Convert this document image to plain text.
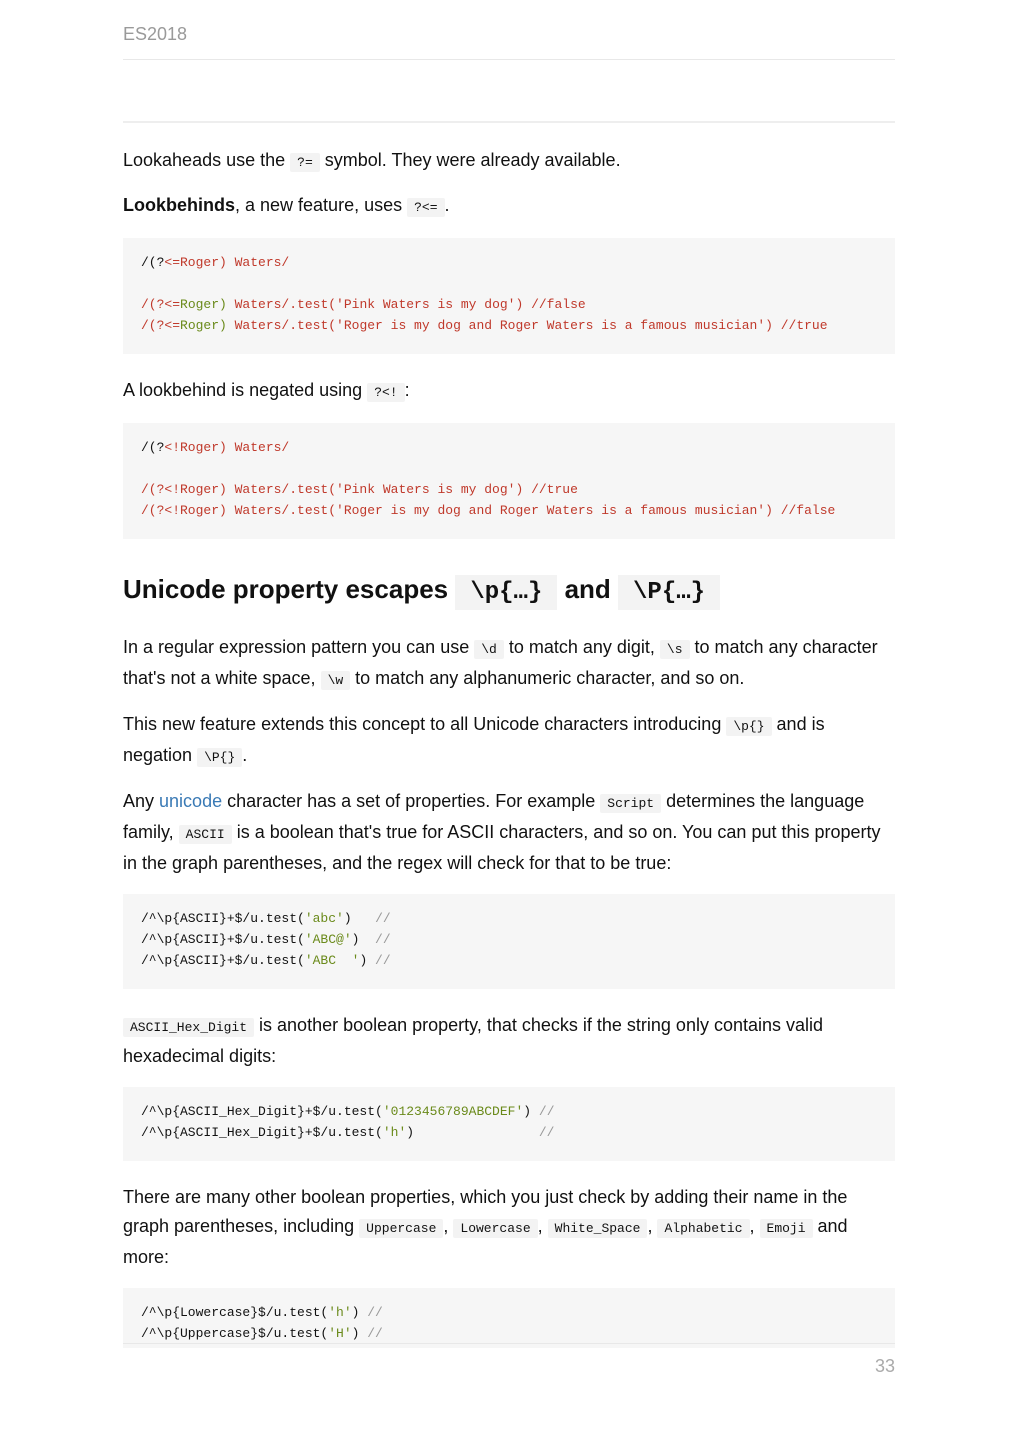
ES2018

Lookaheads use the ?= symbol. They were already available.

Lookbehinds, a new feature, uses ?<= .

/(?<=Roger) Waters/

/(?<=Roger) Waters/.test('Pink Waters is my dog') //false
/(?<=Roger) Waters/.test('Roger is my dog and Roger Waters is a famous musician') //true

A lookbehind is negated using ?<! :

/(?<!Roger) Waters/

/(?<!Roger) Waters/.test('Pink Waters is my dog') //true
/(?<!Roger) Waters/.test('Roger is my dog and Roger Waters is a famous musician') //false
Unicode property escapes \p{…} and \P{…}

In a regular expression pattern you can use \d to match any digit, \s to match any character that's not a white space, \w to match any alphanumeric character, and so on.

This new feature extends this concept to all Unicode characters introducing \p{} and is negation \P{} .

Any unicode character has a set of properties. For example Script determines the language family, ASCII is a boolean that's true for ASCII characters, and so on. You can put this property in the graph parentheses, and the regex will check for that to be true:

/^\p{ASCII}+$/u.test('abc')   //
/^\p{ASCII}+$/u.test('ABC@')  //
/^\p{ASCII}+$/u.test('ABC  ') //

ASCII_Hex_Digit is another boolean property, that checks if the string only contains valid hexadecimal digits:

/^\p{ASCII_Hex_Digit}+$/u.test('0123456789ABCDEF') //
/^\p{ASCII_Hex_Digit}+$/u.test('h')                //

There are many other boolean properties, which you just check by adding their name in the graph parentheses, including Uppercase , Lowercase , White_Space , Alphabetic , Emoji and more:

/^\p{Lowercase}$/u.test('h') //
/^\p{Uppercase}$/u.test('H') //
33
